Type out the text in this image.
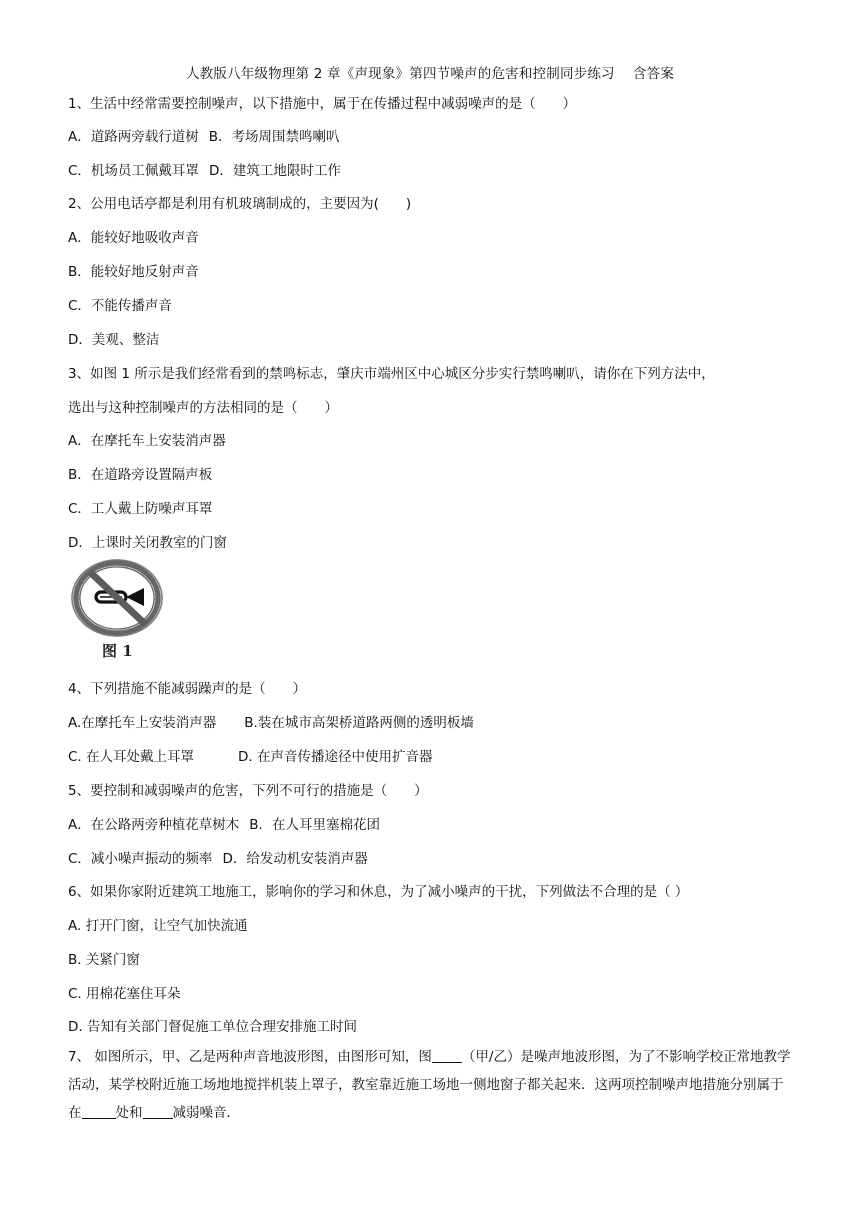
人教版八年级物理第 2 章《声现象》第四节噪声的危害和控制同步练习　 含答案
1、生活中经常需要控制噪声，以下措施中，属于在传播过程中减弱噪声的是（　　）
A．道路两旁载行道树 B．考场周围禁鸣喇叭
C．机场员工佩戴耳罩 D．建筑工地限时工作
2、公用电话亭都是利用有机玻璃制成的，主要因为(　　)
A．能较好地吸收声音
B．能较好地反射声音
C．不能传播声音
D．美观、整洁
3、如图 1 所示是我们经常看到的禁鸣标志，肇庆市端州区中心城区分步实行禁鸣喇叭，请你在下列方法中，
选出与这种控制噪声的方法相同的是（　　）
A．在摩托车上安装消声器
B．在道路旁设置隔声板
C．工人戴上防噪声耳罩
D．上课时关闭教室的门窗
图 1
4、下列措施不能减弱躁声的是（　　）
A.在摩托车上安装消声器 B.装在城市高架桥道路两侧的透明板墙
C. 在人耳处戴上耳罩	D. 在声音传播途径中使用扩音器
5、要控制和减弱噪声的危害，下列不可行的措施是（　　）
A．在公路两旁种植花草树木 B．在人耳里塞棉花团
C．减小噪声振动的频率 D．给发动机安装消声器
6、如果你家附近建筑工地施工，影响你的学习和休息，为了减小噪声的干扰，下列做法不合理的是（ ）
A. 打开门窗，让空气加快流通
B. 关紧门窗
C. 用棉花塞住耳朵
D. 告知有关部门督促施工单位合理安排施工时间
7、 如图所示，甲、乙是两种声音地波形图，由图形可知，图 （甲/乙）是噪声地波形图，为了不影响学校正常地教学活动，某学校附近施工场地地搅拌机装上罩子，教室靠近施工场地一侧地窗子都关起来．这两项控制噪声地措施分别属于在	处和 减弱噪音．
